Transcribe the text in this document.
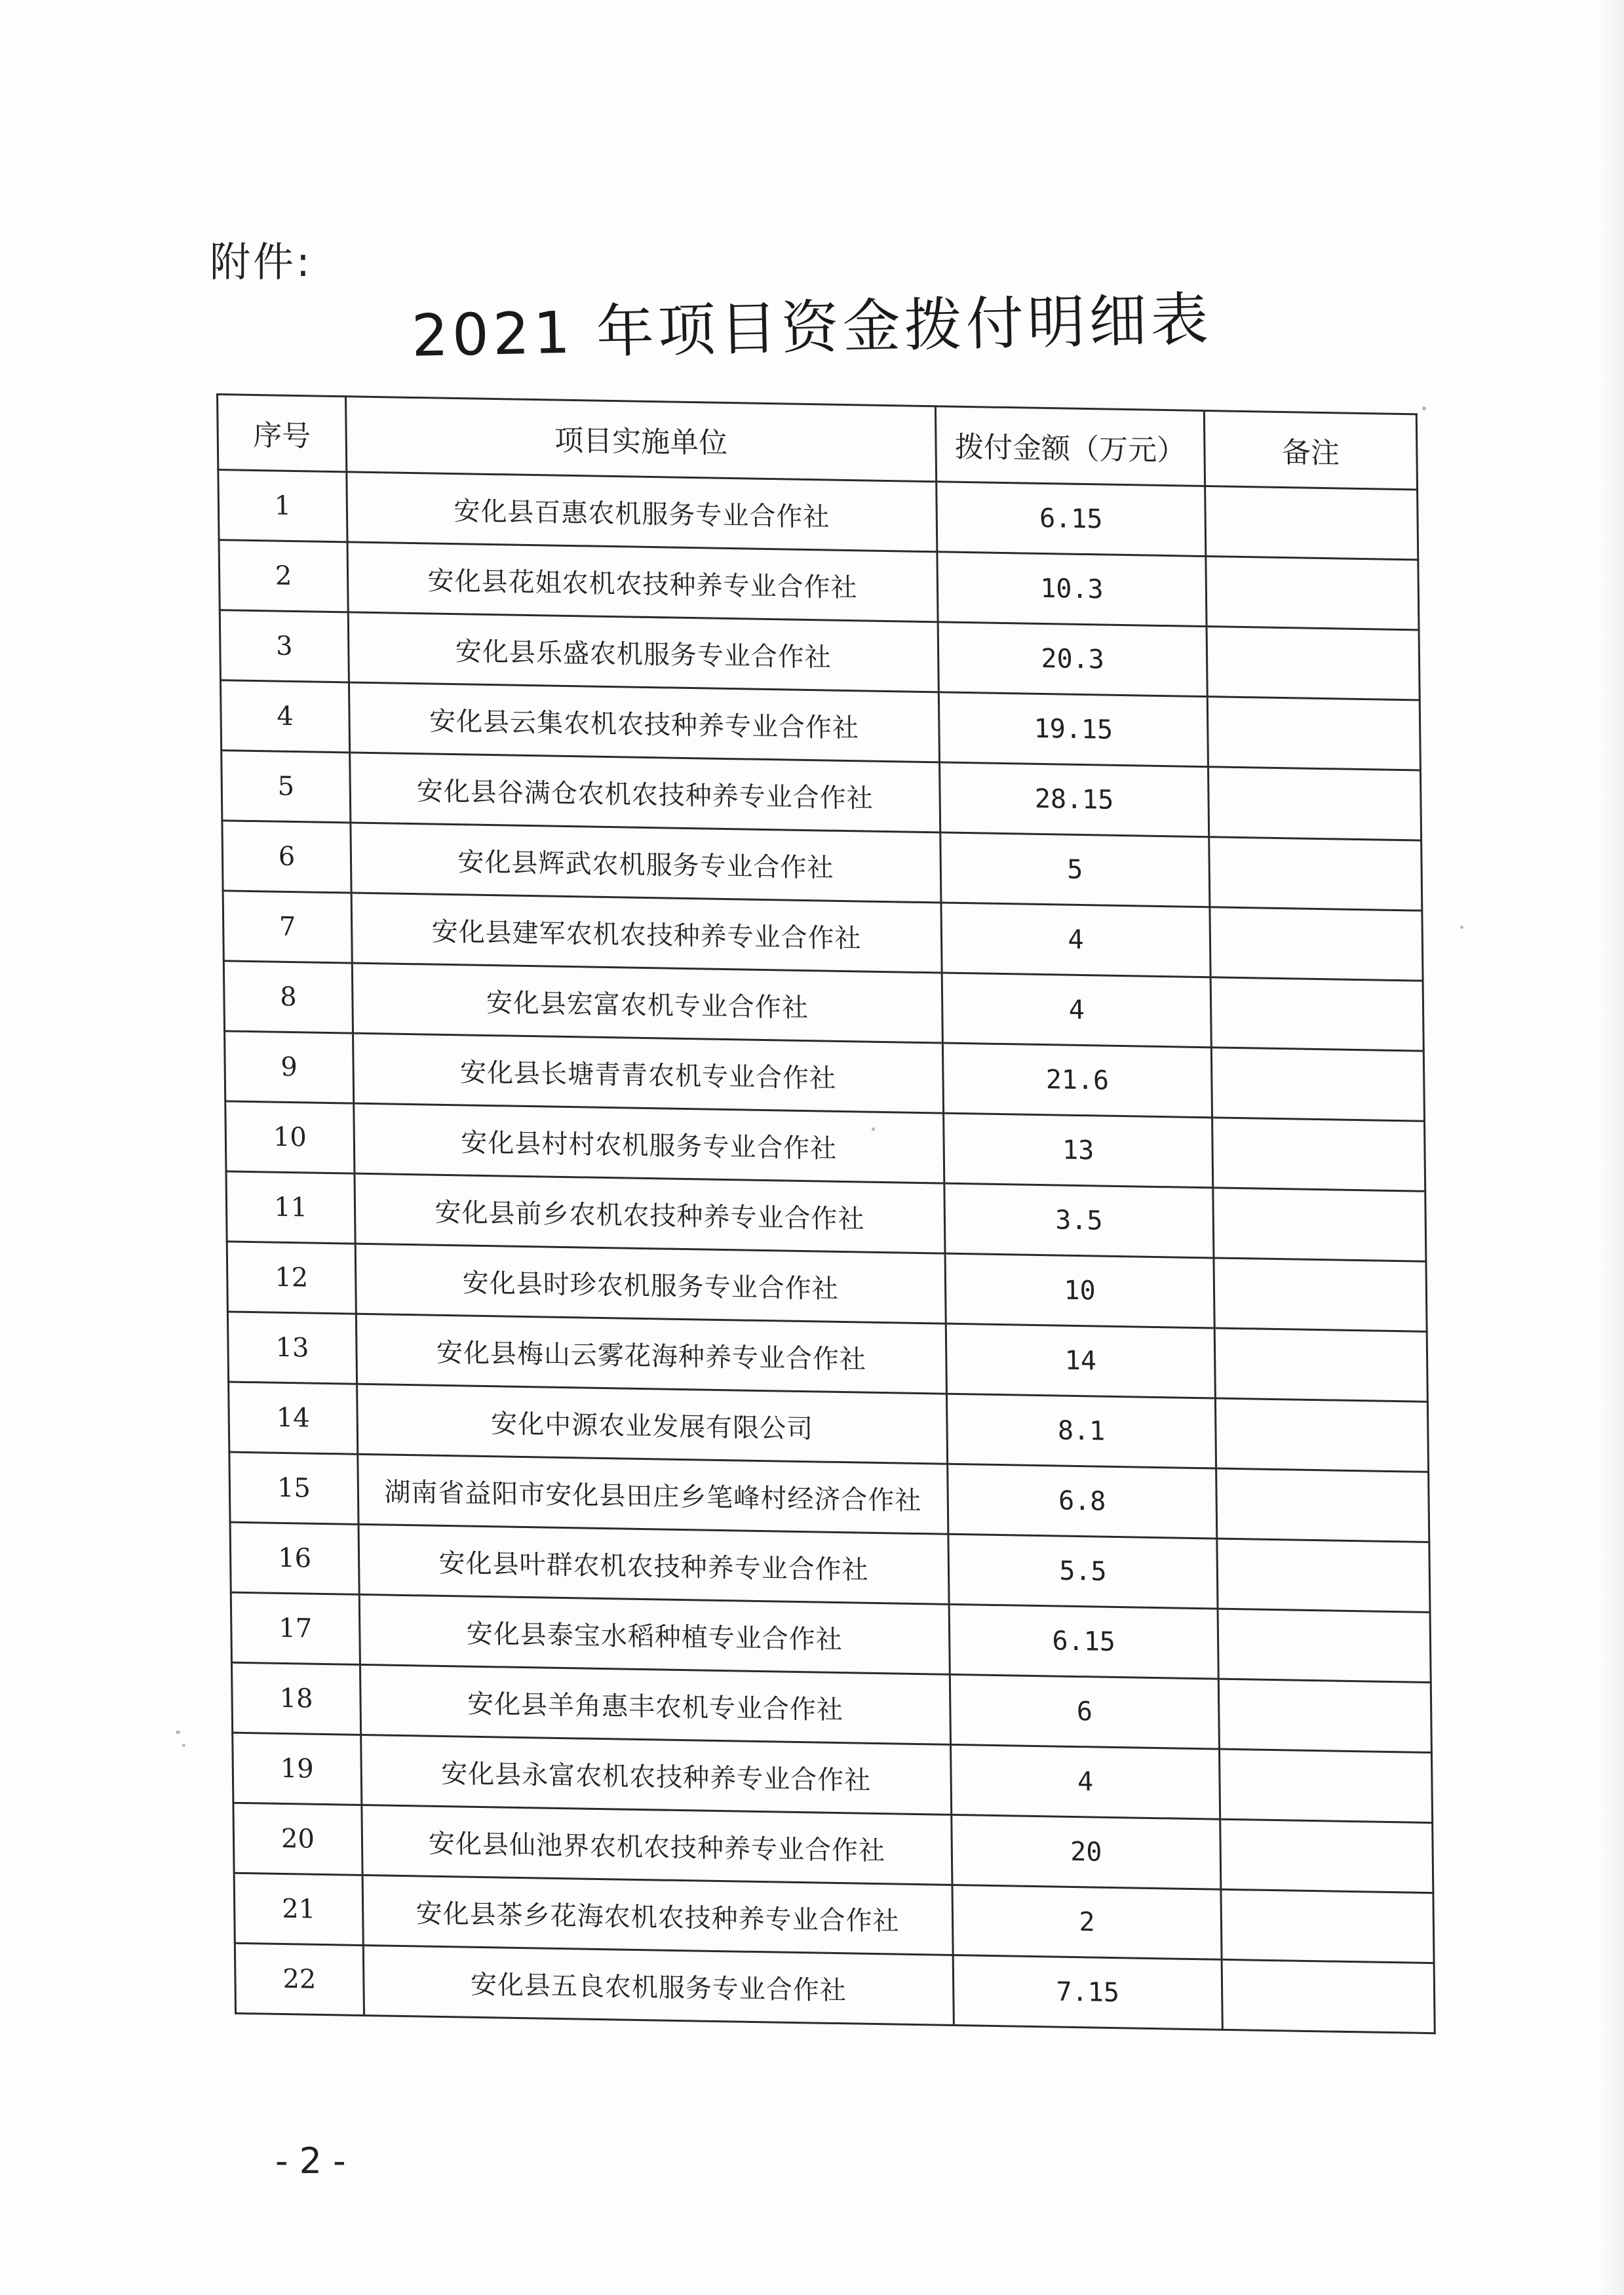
附件:
2021 年项目资金拨付明细表
序号	项目实施单位	拨付金额（万元）	备注
1	安化县百惠农机服务专业合作社	6.15	
2	安化县花姐农机农技种养专业合作社	10.3	
3	安化县乐盛农机服务专业合作社	20.3	
4	安化县云集农机农技种养专业合作社	19.15	
5	安化县谷满仓农机农技种养专业合作社	28.15	
6	安化县辉武农机服务专业合作社	5	
7	安化县建军农机农技种养专业合作社	4	
8	安化县宏富农机专业合作社	4	
9	安化县长塘青青农机专业合作社	21.6	
10	安化县村村农机服务专业合作社	13	
11	安化县前乡农机农技种养专业合作社	3.5	
12	安化县时珍农机服务专业合作社	10	
13	安化县梅山云雾花海种养专业合作社	14	
14	安化中源农业发展有限公司	8.1	
15	湖南省益阳市安化县田庄乡笔峰村经济合作社	6.8	
16	安化县叶群农机农技种养专业合作社	5.5	
17	安化县泰宝水稻种植专业合作社	6.15	
18	安化县羊角惠丰农机专业合作社	6	
19	安化县永富农机农技种养专业合作社	4	
20	安化县仙池界农机农技种养专业合作社	20	
21	安化县茶乡花海农机农技种养专业合作社	2	
22	安化县五良农机服务专业合作社	7.15	
- 2 -
